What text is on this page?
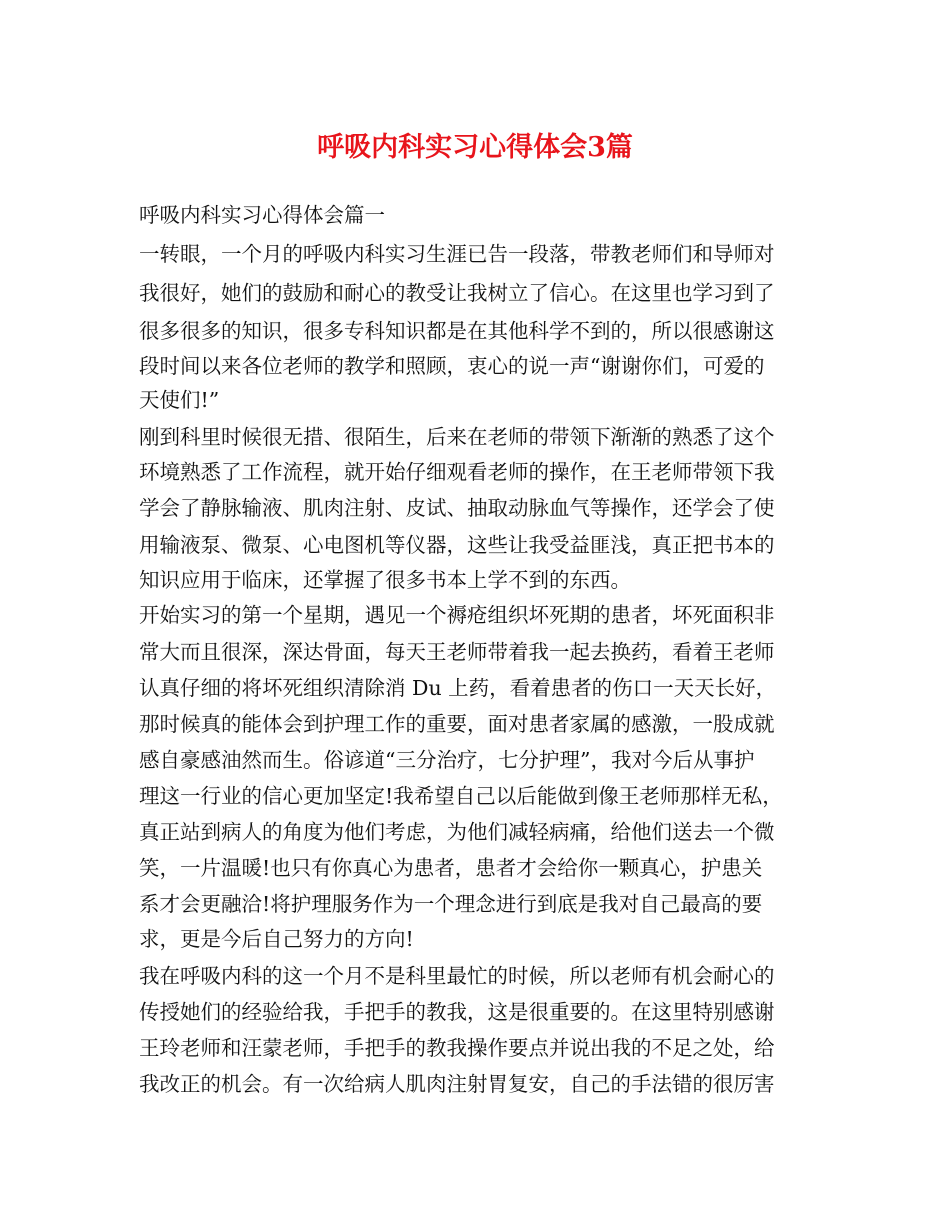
呼吸内科实习心得体会3篇

呼吸内科实习心得体会篇一

一转眼，一个月的呼吸内科实习生涯已告一段落，带教老师们和导师对

我很好，她们的鼓励和耐心的教受让我树立了信心。在这里也学习到了

很多很多的知识，很多专科知识都是在其他科学不到的，所以很感谢这

段时间以来各位老师的教学和照顾，衷心的说一声“谢谢你们，可爱的

天使们!”

刚到科里时候很无措、很陌生，后来在老师的带领下渐渐的熟悉了这个

环境熟悉了工作流程，就开始仔细观看老师的操作，在王老师带领下我

学会了静脉输液、肌肉注射、皮试、抽取动脉血气等操作，还学会了使

用输液泵、微泵、心电图机等仪器，这些让我受益匪浅，真正把书本的

知识应用于临床，还掌握了很多书本上学不到的东西。

开始实习的第一个星期，遇见一个褥疮组织坏死期的患者，坏死面积非

常大而且很深，深达骨面，每天王老师带着我一起去换药，看着王老师

认真仔细的将坏死组织清除消 Du 上药，看着患者的伤口一天天长好，

那时候真的能体会到护理工作的重要，面对患者家属的感激，一股成就

感自豪感油然而生。俗谚道“三分治疗，七分护理”，我对今后从事护

理这一行业的信心更加坚定!我希望自己以后能做到像王老师那样无私，

真正站到病人的角度为他们考虑，为他们减轻病痛，给他们送去一个微

笑，一片温暖!也只有你真心为患者，患者才会给你一颗真心，护患关

系才会更融洽!将护理服务作为一个理念进行到底是我对自己最高的要

求，更是今后自己努力的方向!

我在呼吸内科的这一个月不是科里最忙的时候，所以老师有机会耐心的

传授她们的经验给我，手把手的教我，这是很重要的。在这里特别感谢

王玲老师和汪蒙老师，手把手的教我操作要点并说出我的不足之处，给

我改正的机会。有一次给病人肌肉注射胃复安，自己的手法错的很厉害
